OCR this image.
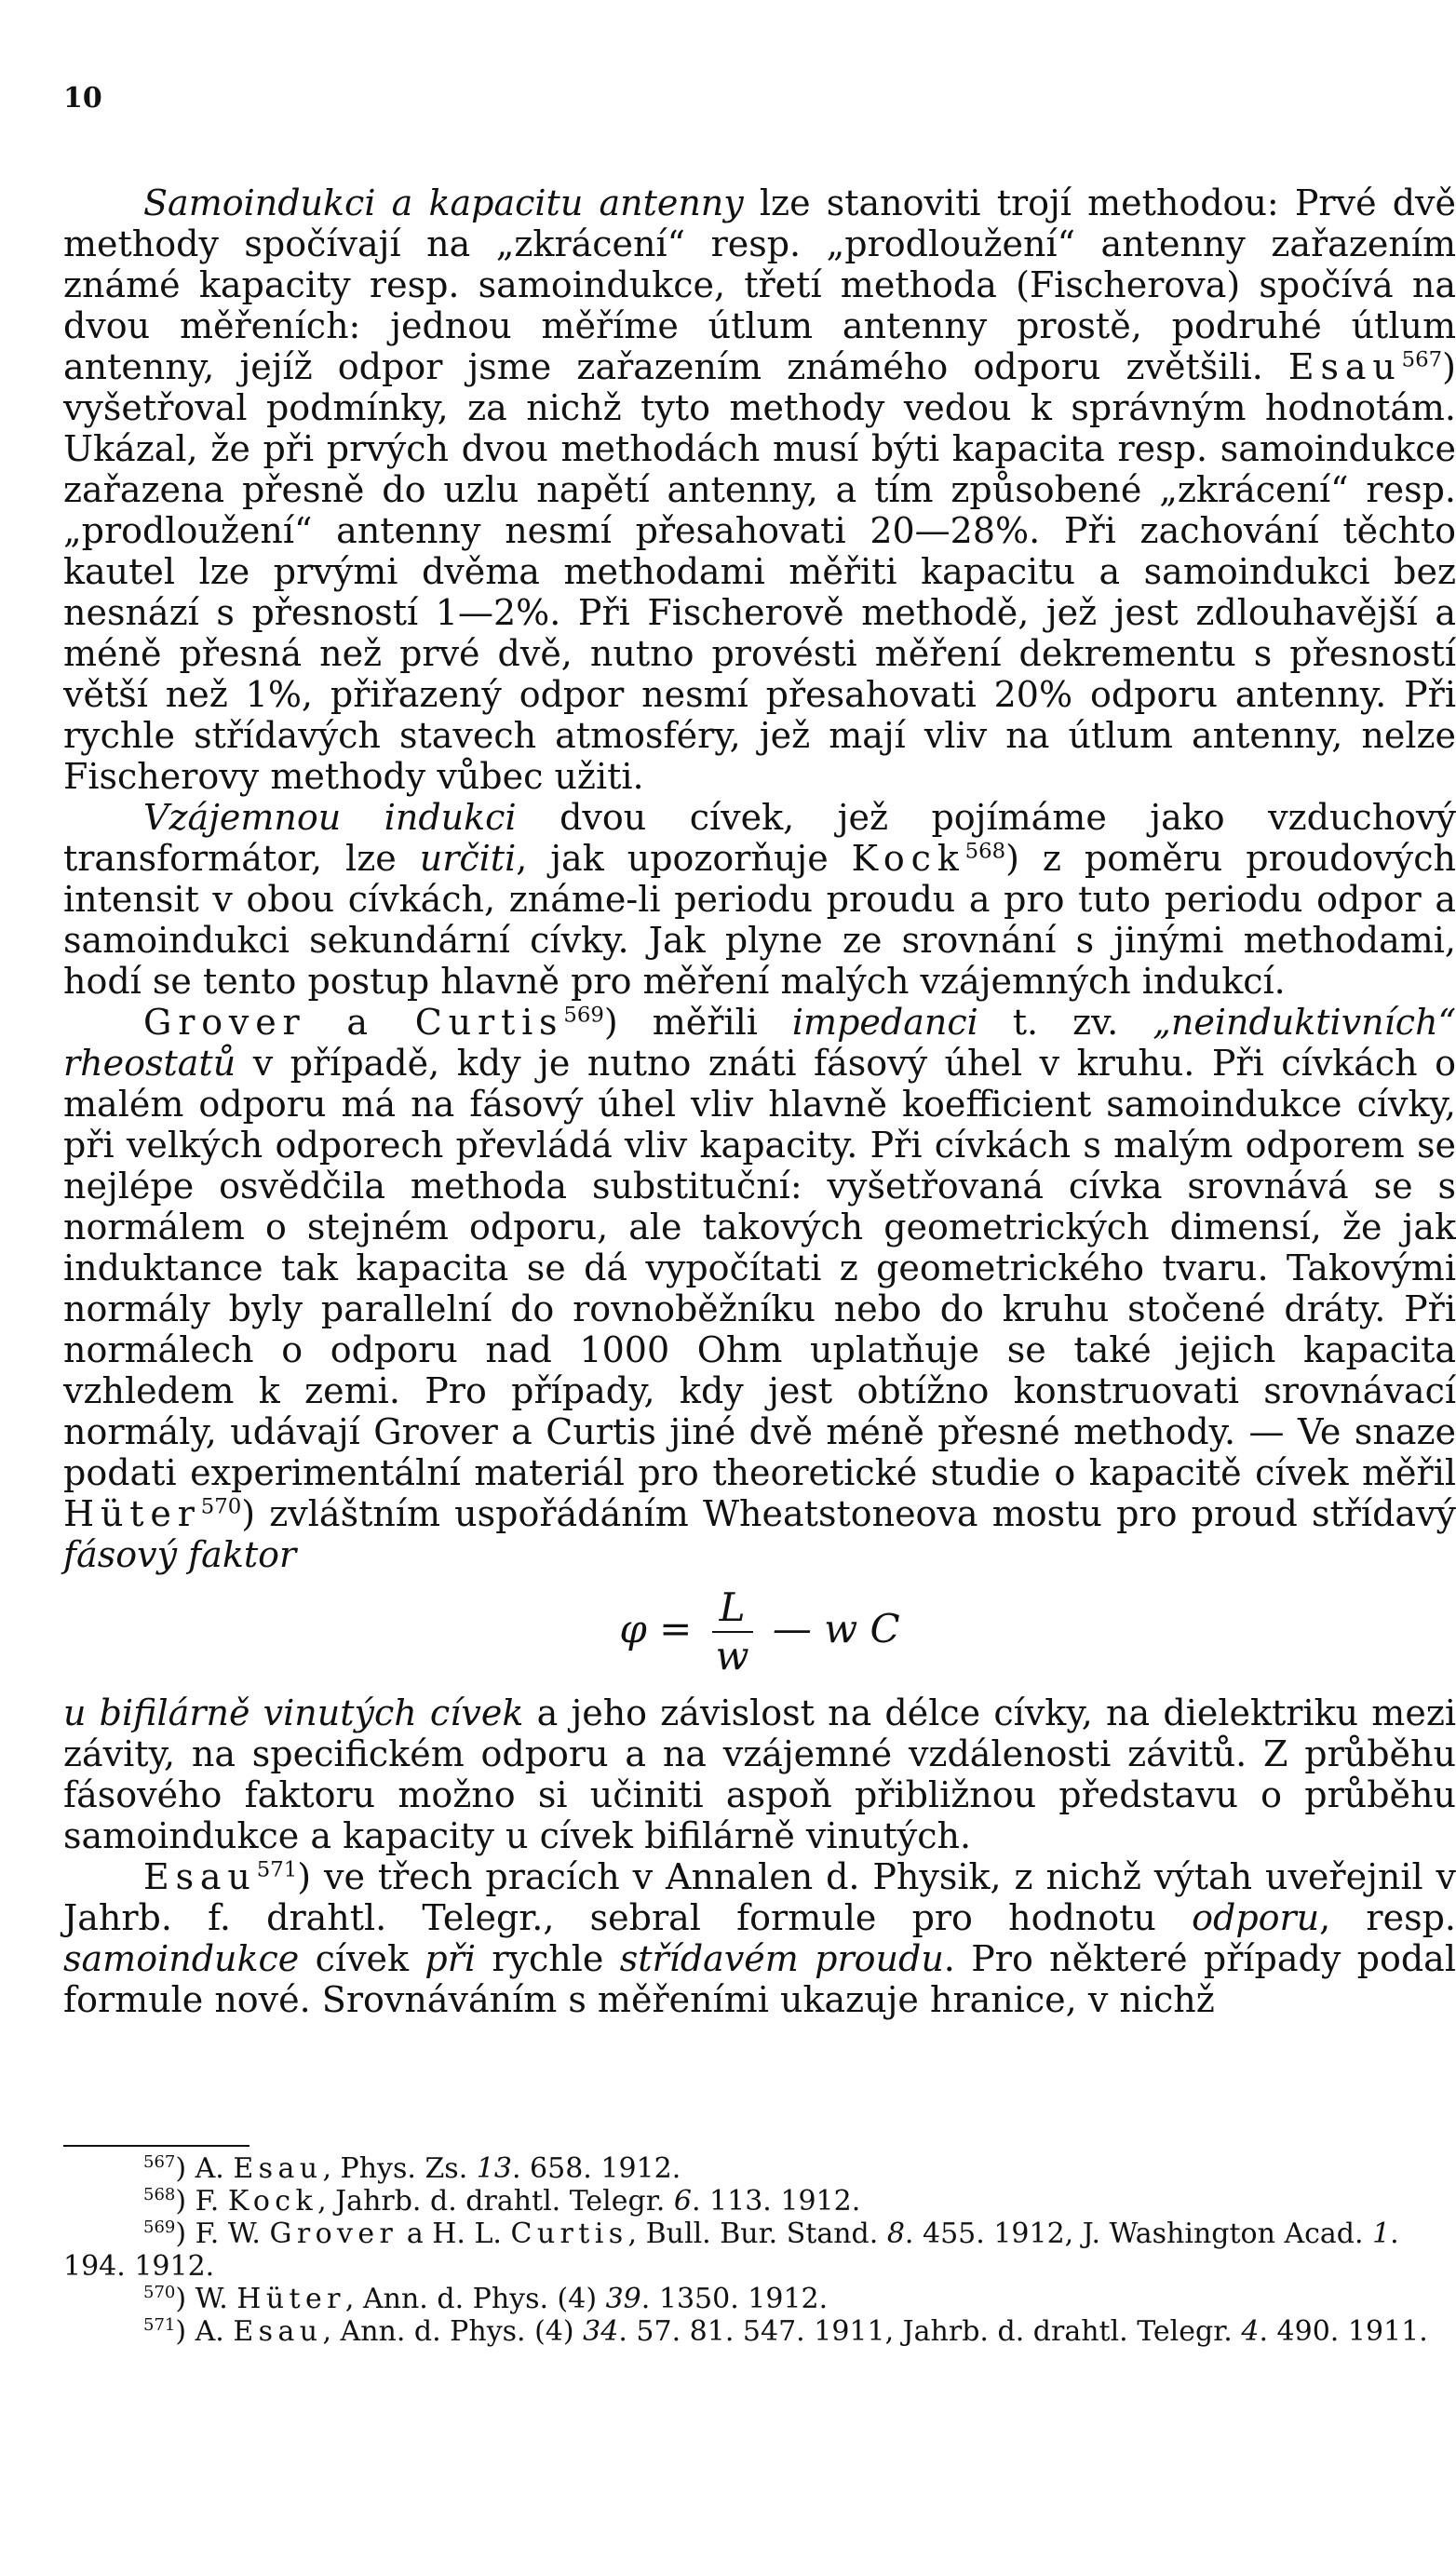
10

Samoindukci a kapacitu antenny lze stanoviti trojí methodou: Prvé dvě methody spočívají na „zkrácení“ resp. „prodloužení“ antenny zařazením známé kapacity resp. samoindukce, třetí methoda (Fischerova) spočívá na dvou měřeních: jednou měříme útlum antenny prostě, podruhé útlum antenny, jejíž odpor jsme zařazením známého odporu zvětšili. Esau$^{567}$) vyšetřoval podmínky, za nichž tyto methody vedou k správným hodnotám. Ukázal, že při prvých dvou methodách musí býti kapacita resp. samoindukce zařazena přesně do uzlu napětí antenny, a tím způsobené „zkrácení“ resp. „prodloužení“ antenny nesmí přesahovati 20—28%. Při zachování těchto kautel lze prvými dvěma methodami měřiti kapacitu a samoindukci bez nesnází s přesností 1—2%. Při Fischerově methodě, jež jest zdlouhavější a méně přesná než prvé dvě, nutno provésti měření dekrementu s přesností větší než 1%, přiřazený odpor nesmí přesahovati 20% odporu antenny. Při rychle střídavých stavech atmosféry, jež mají vliv na útlum antenny, nelze Fischerovy methody vůbec užiti.

Vzájemnou indukci dvou cívek, jež pojímáme jako vzduchový transformátor, lze určiti, jak upozorňuje Kock$^{568}$) z poměru proudových intensit v obou cívkách, známe-li periodu proudu a pro tuto periodu odpor a samoindukci sekundární cívky. Jak plyne ze srovnání s jinými methodami, hodí se tento postup hlavně pro měření malých vzájemných indukcí.

Grover a Curtis$^{569}$) měřili impedanci t. zv. „neinduktivních“ rheostatů v případě, kdy je nutno znáti fásový úhel v kruhu. Při cívkách o malém odporu má na fásový úhel vliv hlavně koefficient samoindukce cívky, při velkých odporech převládá vliv kapacity. Při cívkách s malým odporem se nejlépe osvědčila methoda substituční: vyšetřovaná cívka srovnává se s normálem o stejném odporu, ale takových geometrických dimensí, že jak induktance tak kapacita se dá vypočítati z geometrického tvaru. Takovými normály byly parallelní do rovnoběžníku nebo do kruhu stočené dráty. Při normálech o odporu nad 1000 Ohm uplatňuje se také jejich kapacita vzhledem k zemi. Pro případy, kdy jest obtížno konstruovati srovnávací normály, udávají Grover a Curtis jiné dvě méně přesné methody. — Ve snaze podati experimentální materiál pro theoretické studie o kapacitě cívek měřil Hüter$^{570}$) zvláštním uspořádáním Wheatstoneova mostu pro proud střídavý fásový faktor

$\varphi = \frac{L}{w}$ — w C

u bifilárně vinutých cívek a jeho závislost na délce cívky, na dielektriku mezi závity, na specifickém odporu a na vzájemné vzdálenosti závitů. Z průběhu fásového faktoru možno si učiniti aspoň přibližnou představu o průběhu samoindukce a kapacity u cívek bifilárně vinutých.

Esau$^{571}$) ve třech pracích v Annalen d. Physik, z nichž výtah uveřejnil v Jahrb. f. drahtl. Telegr., sebral formule pro hodnotu odporu, resp. samoindukce cívek při rychle střídavém proudu. Pro některé případy podal formule nové. Srovnáváním s měřeními ukazuje hranice, v nichž

$^{567}$) A. Esau, Phys. Zs. 13. 658. 1912.

$^{568}$) F. Kock, Jahrb. d. drahtl. Telegr. 6. 113. 1912.

$^{569}$) F. W. Grover a H. L. Curtis, Bull. Bur. Stand. 8. 455. 1912, J. Washington Acad. 1. 194. 1912.

$^{570}$) W. Hüter, Ann. d. Phys. (4) 39. 1350. 1912.

$^{571}$) A. Esau, Ann. d. Phys. (4) 34. 57. 81. 547. 1911, Jahrb. d. drahtl. Telegr. 4. 490. 1911.
